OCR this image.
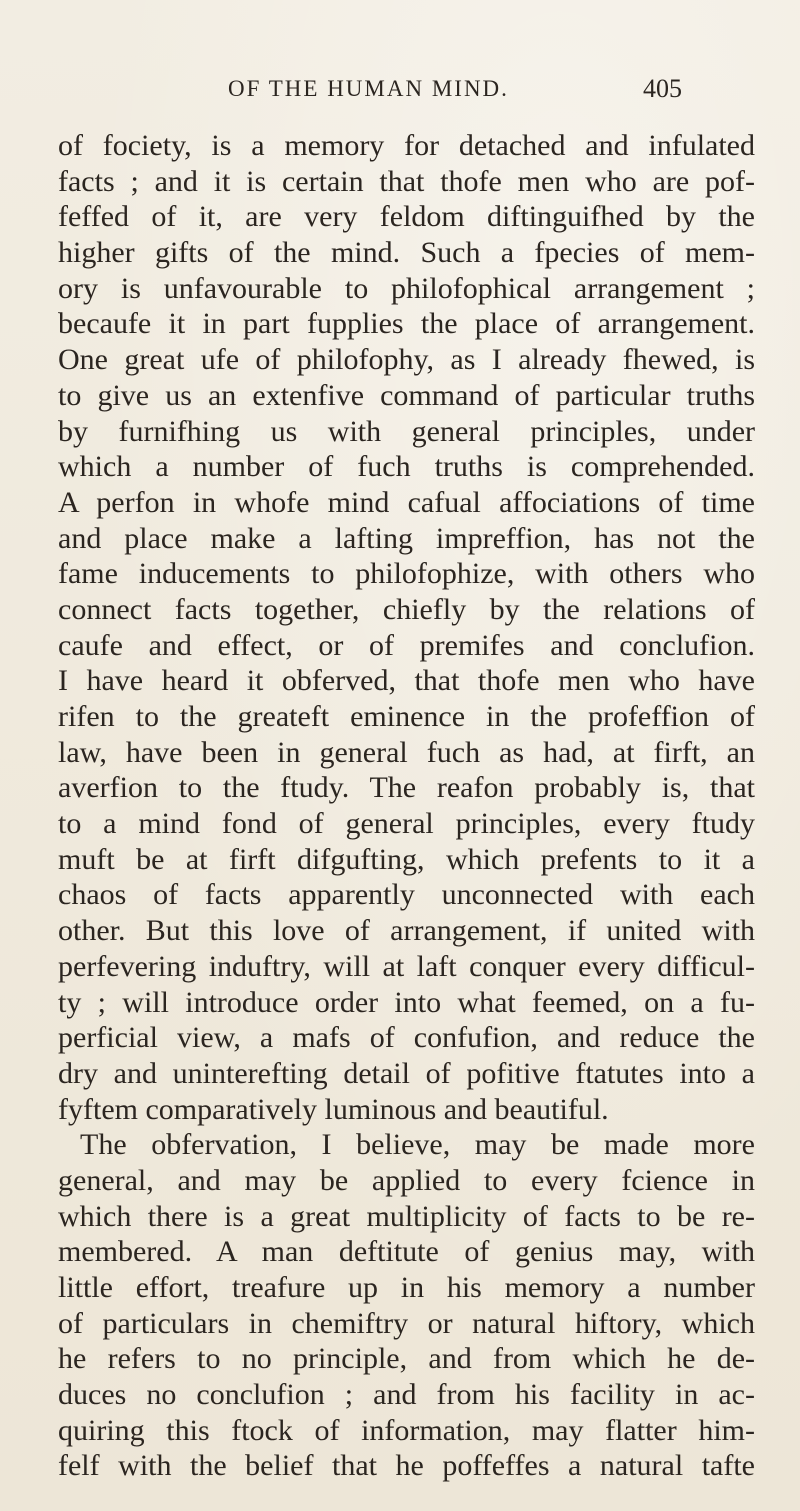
OF THE HUMAN MIND.	405
of fociety, is a memory for detached and infulated
facts ; and it is certain that thofe men who are pof-
feffed of it, are very feldom diftinguifhed by the
higher gifts of the mind. Such a fpecies of mem-
ory is unfavourable to philofophical arrangement ;
becaufe it in part fupplies the place of arrangement.
One great ufe of philofophy, as I already fhewed, is
to give us an extenfive command of particular truths
by furnifhing us with general principles, under
which a number of fuch truths is comprehended.
A perfon in whofe mind cafual affociations of time
and place make a lafting impreffion, has not the
fame inducements to philofophize, with others who
connect facts together, chiefly by the relations of
caufe and effect, or of premifes and conclufion.
I have heard it obferved, that thofe men who have
rifen to the greateft eminence in the profeffion of
law, have been in general fuch as had, at firft, an
averfion to the ftudy. The reafon probably is, that
to a mind fond of general principles, every ftudy
muft be at firft difgufting, which prefents to it a
chaos of facts apparently unconnected with each
other. But this love of arrangement, if united with
perfevering induftry, will at laft conquer every difficul-
ty ; will introduce order into what feemed, on a fu-
perficial view, a mafs of confufion, and reduce the
dry and uninterefting detail of pofitive ftatutes into a
fyftem comparatively luminous and beautiful.
The obfervation, I believe, may be made more
general, and may be applied to every fcience in
which there is a great multiplicity of facts to be re-
membered. A man deftitute of genius may, with
little effort, treafure up in his memory a number
of particulars in chemiftry or natural hiftory, which
he refers to no principle, and from which he de-
duces no conclufion ; and from his facility in ac-
quiring this ftock of information, may flatter him-
felf with the belief that he poffeffes a natural tafte
